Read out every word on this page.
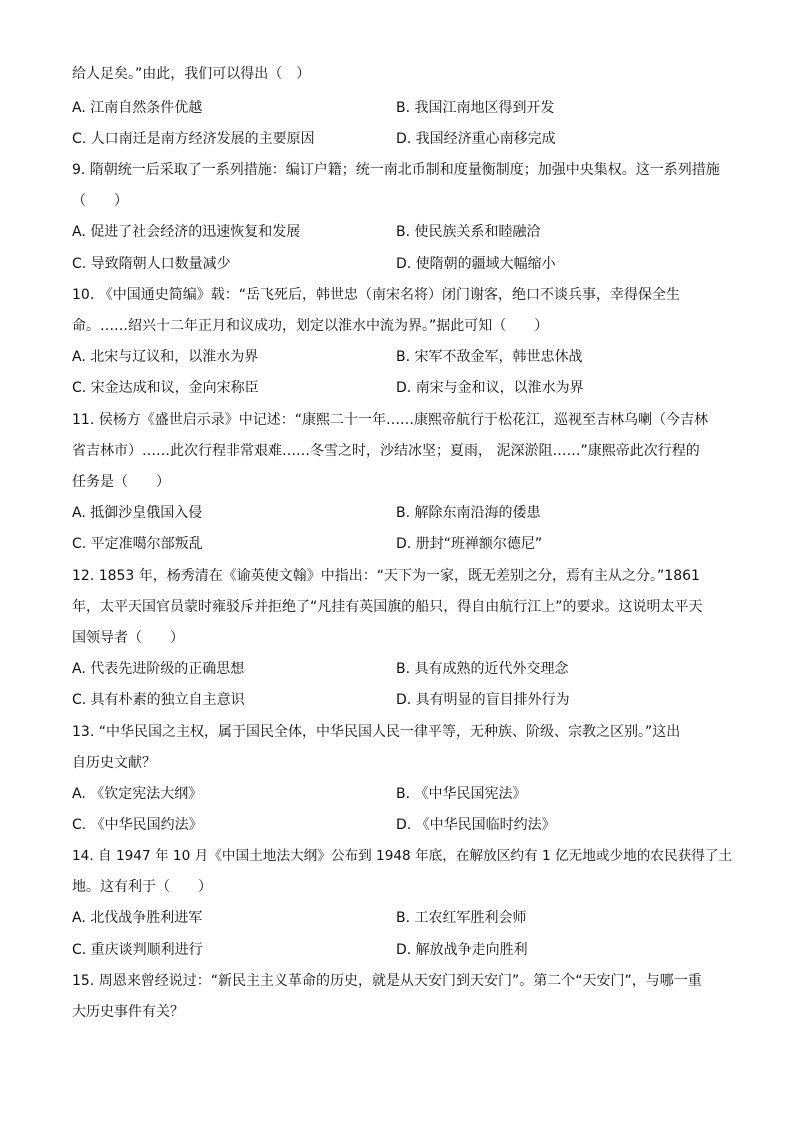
给人足矣。”由此，我们可以得出（　）
A. 江南自然条件优越	B. 我国江南地区得到开发
C. 人口南迁是南方经济发展的主要原因	D. 我国经济重心南移完成
9. 隋朝统一后采取了一系列措施：编订户籍；统一南北币制和度量衡制度；加强中央集权。这一系列措施
（　　）
A. 促进了社会经济的迅速恢复和发展	B. 使民族关系和睦融洽
C. 导致隋朝人口数量减少	D. 使隋朝的疆域大幅缩小
10. 《中国通史简编》载：“岳飞死后，韩世忠（南宋名将）闭门谢客，绝口不谈兵事，幸得保全生
命。……绍兴十二年正月和议成功，划定以淮水中流为界。”据此可知（　　）
A. 北宋与辽议和，以淮水为界	B. 宋军不敌金军，韩世忠休战
C. 宋金达成和议，金向宋称臣	D. 南宋与金和议，以淮水为界
11. 侯杨方《盛世启示录》中记述：“康熙二十一年……康熙帝航行于松花江，巡视至吉林乌喇（今吉林
省吉林市）……此次行程非常艰难……冬雪之时，沙结冰坚；夏雨， 泥深淤阻……”康熙帝此次行程的
任务是（　　）
A. 抵御沙皇俄国入侵	B. 解除东南沿海的倭患
C. 平定准噶尔部叛乱	D. 册封“班禅额尔德尼”
12. 1853 年，杨秀清在《谕英使文翰》中指出：“天下为一家，既无差别之分，焉有主从之分。”1861
年，太平天国官员蒙时雍驳斥并拒绝了“凡挂有英国旗的船只，得自由航行江上”的要求。这说明太平天
国领导者（　　）
A. 代表先进阶级的正确思想	B. 具有成熟的近代外交理念
C. 具有朴素的独立自主意识	D. 具有明显的盲目排外行为
13. “中华民国之主权，属于国民全体，中华民国人民一律平等，无种族、阶级、宗教之区别。”这出
自历史文献？
A. 《钦定宪法大纲》	B. 《中华民国宪法》
C. 《中华民国约法》	D. 《中华民国临时约法》
14. 自 1947 年 10 月《中国土地法大纲》公布到 1948 年底，在解放区约有 1 亿无地或少地的农民获得了土
地。这有利于（　　）
A. 北伐战争胜利进军	B. 工农红军胜利会师
C. 重庆谈判顺利进行	D. 解放战争走向胜利
15. 周恩来曾经说过：“新民主主义革命的历史，就是从天安门到天安门”。第二个“天安门”，与哪一重
大历史事件有关？
